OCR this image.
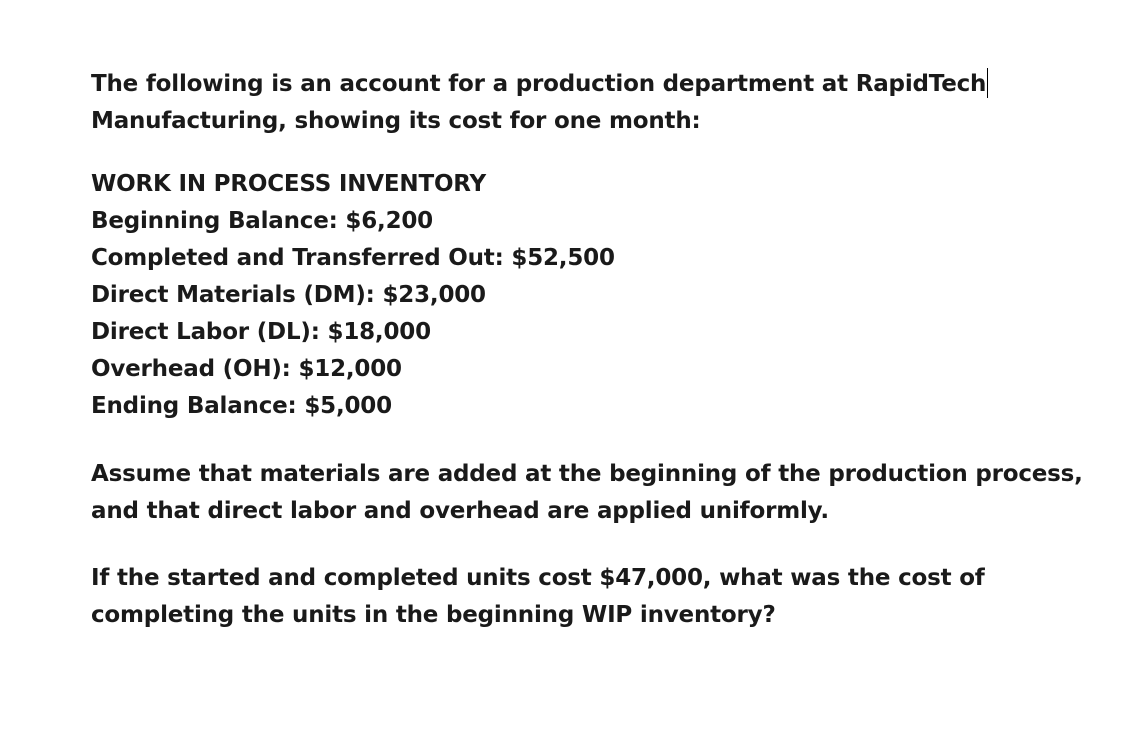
The following is an account for a production department at RapidTech
Manufacturing, showing its cost for one month:

WORK IN PROCESS INVENTORY
Beginning Balance: $6,200
Completed and Transferred Out: $52,500
Direct Materials (DM): $23,000
Direct Labor (DL): $18,000
Overhead (OH): $12,000
Ending Balance: $5,000

Assume that materials are added at the beginning of the production process,
and that direct labor and overhead are applied uniformly.

If the started and completed units cost $47,000, what was the cost of
completing the units in the beginning WIP inventory?
